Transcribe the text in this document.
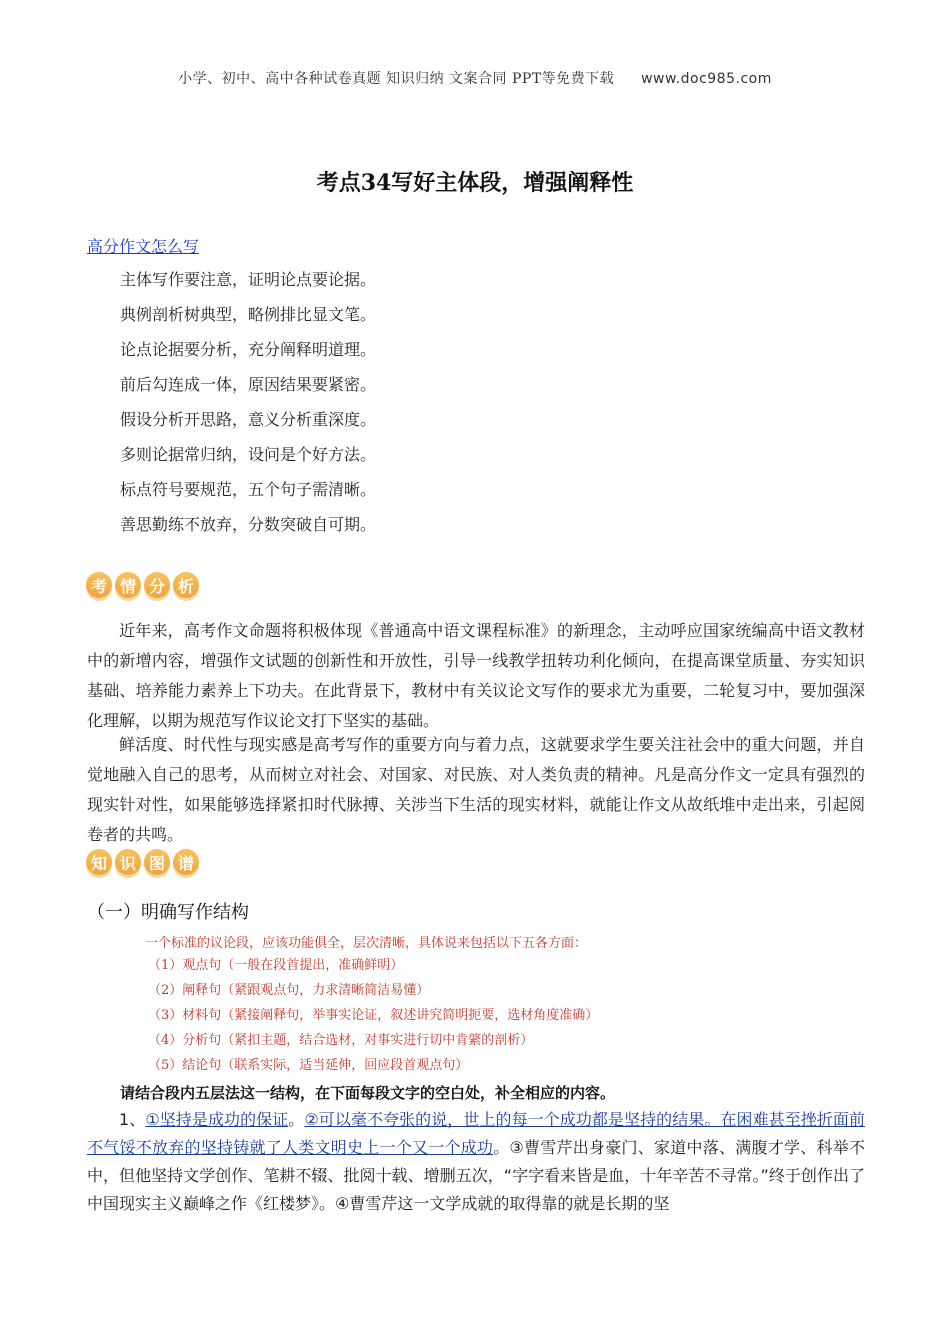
小学、初中、高中各种试卷真题 知识归纳 文案合同 PPT等免费下载 www.doc985.com
考点34写好主体段，增强阐释性
高分作文怎么写
主体写作要注意，证明论点要论据。
典例剖析树典型，略例排比显文笔。
论点论据要分析，充分阐释明道理。
前后勾连成一体，原因结果要紧密。
假设分析开思路，意义分析重深度。
多则论据常归纳，设问是个好方法。
标点符号要规范，五个句子需清晰。
善思勤练不放弃，分数突破自可期。
考 情 分 析
近年来，高考作文命题将积极体现《普通高中语文课程标准》的新理念，主动呼应国家统编高中语文教材中的新增内容，增强作文试题的创新性和开放性，引导一线教学扭转功利化倾向，在提高课堂质量、夯实知识基础、培养能力素养上下功夫。在此背景下，教材中有关议论文写作的要求尤为重要，二轮复习中，要加强深化理解，以期为规范写作议论文打下坚实的基础。
鲜活度、时代性与现实感是高考写作的重要方向与着力点，这就要求学生要关注社会中的重大问题，并自觉地融入自己的思考，从而树立对社会、对国家、对民族、对人类负责的精神。凡是高分作文一定具有强烈的现实针对性，如果能够选择紧扣时代脉搏、关涉当下生活的现实材料，就能让作文从故纸堆中走出来，引起阅卷者的共鸣。
知 识 图 谱
（一）明确写作结构
一个标准的议论段，应该功能俱全，层次清晰，具体说来包括以下五各方面：
（1）观点句（一般在段首提出，准确鲜明）
（2）阐释句（紧跟观点句，力求清晰简洁易懂）
（3）材料句（紧接阐释句，举事实论证，叙述讲究简明扼要，选材角度准确）
（4）分析句（紧扣主题，结合选材，对事实进行切中肯綮的剖析）
（5）结论句（联系实际，适当延伸，回应段首观点句）
请结合段内五层法这一结构，在下面每段文字的空白处，补全相应的内容。
1、①坚持是成功的保证。②可以毫不夸张的说，世上的每一个成功都是坚持的结果。在困难甚至挫折面前不气馁不放弃的坚持铸就了人类文明史上一个又一个成功。③曹雪芹出身豪门、家道中落、满腹才学、科举不中，但他坚持文学创作、笔耕不辍、批阅十载、增删五次，“字字看来皆是血，十年辛苦不寻常。”终于创作出了中国现实主义巅峰之作《红楼梦》。④曹雪芹这一文学成就的取得靠的就是长期的坚
